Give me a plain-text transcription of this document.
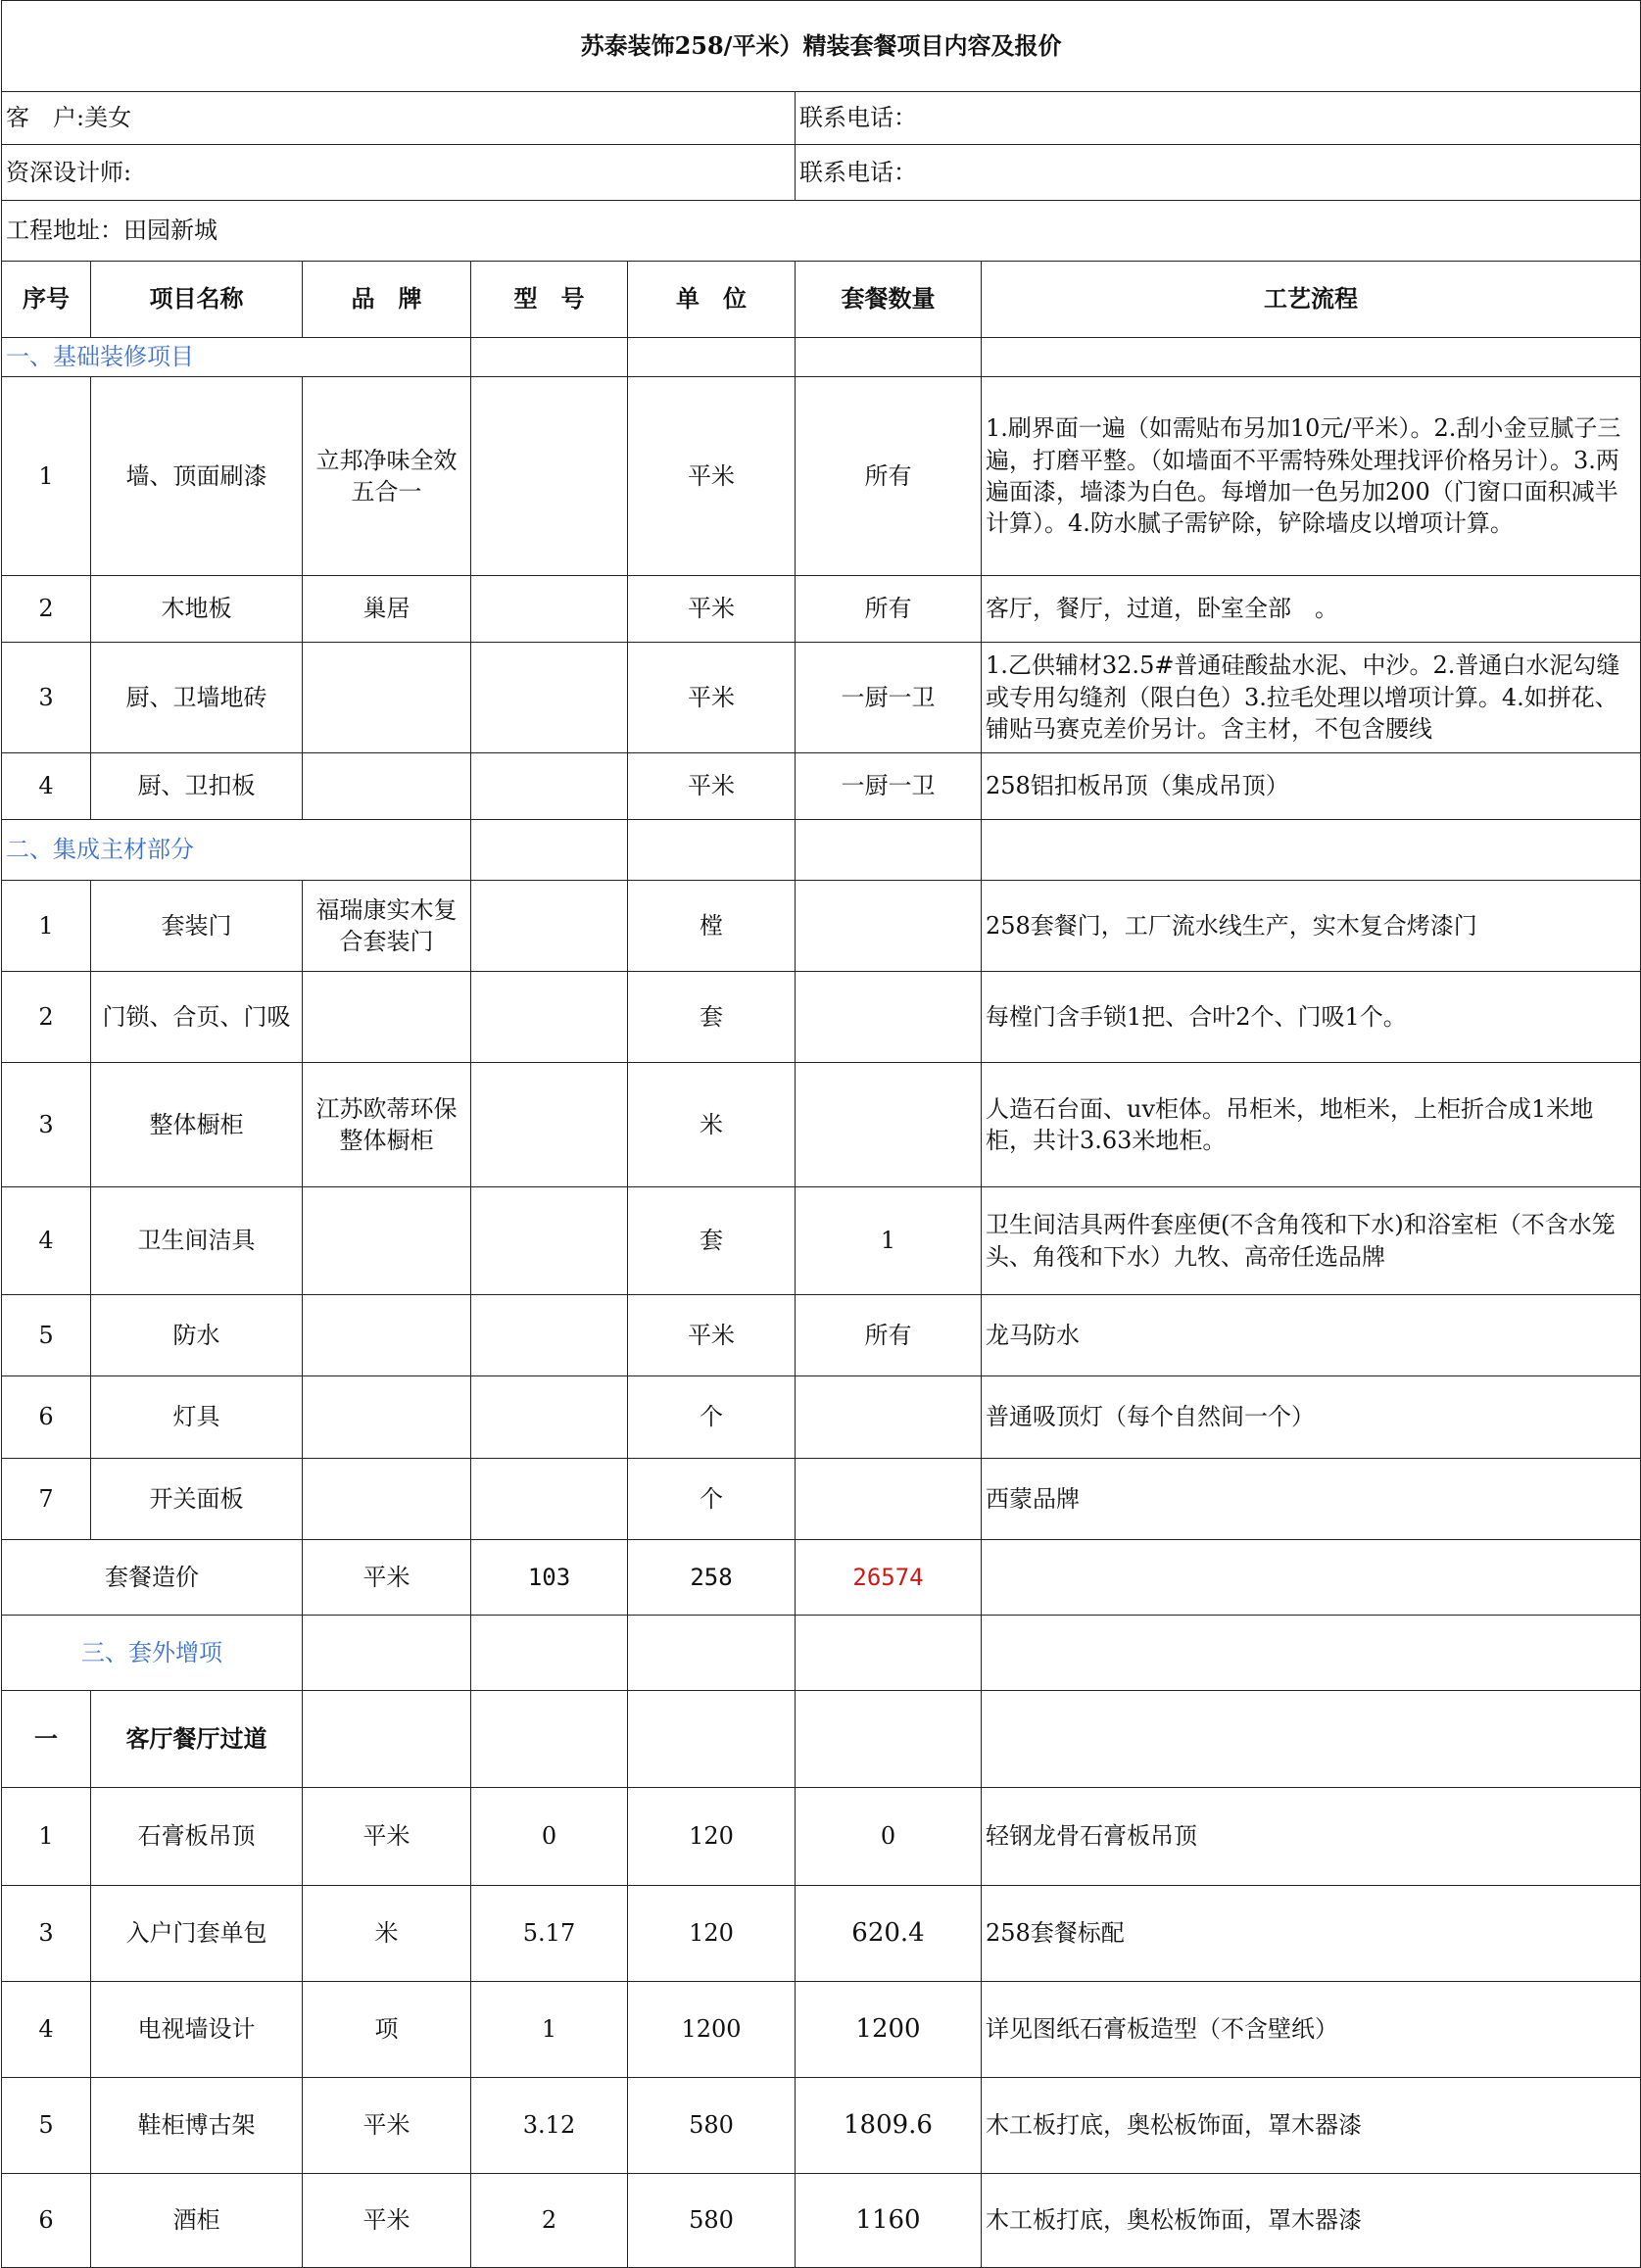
苏泰装饰258/平米）精装套餐项目内容及报价						
客　户:美女					联系电话：	
资深设计师:					联系电话：	
工程地址：田园新城						
序号	项目名称	品　牌	型　号	单　位	套餐数量	工艺流程
一、基础装修项目						
1	墙、顶面刷漆	立邦净味全效五合一		平米	所有	1.刷界面一遍（如需贴布另加10元/平米）。2.刮小金豆腻子三遍，打磨平整。（如墙面不平需特殊处理找评价格另计）。3.两遍面漆，墙漆为白色。每增加一色另加200（门窗口面积减半计算）。4.防水腻子需铲除，铲除墙皮以增项计算。
2	木地板	巢居		平米	所有	客厅，餐厅，过道，卧室全部　。
3	厨、卫墙地砖			平米	一厨一卫	1.乙供辅材32.5#普通硅酸盐水泥、中沙。2.普通白水泥勾缝或专用勾缝剂（限白色）3.拉毛处理以增项计算。4.如拼花、铺贴马赛克差价另计。含主材，不包含腰线
4	厨、卫扣板			平米	一厨一卫	258铝扣板吊顶（集成吊顶）
二、集成主材部分						
1	套装门	福瑞康实木复合套装门		樘		258套餐门，工厂流水线生产，实木复合烤漆门
2	门锁、合页、门吸			套		每樘门含手锁1把、合叶2个、门吸1个。
3	整体橱柜	江苏欧蒂环保整体橱柜		米		人造石台面、uv柜体。吊柜米，地柜米，上柜折合成1米地柜，共计3.63米地柜。
4	卫生间洁具			套	1	卫生间洁具两件套座便(不含角筏和下水)和浴室柜（不含水笼头、角筏和下水）九牧、高帝任选品牌
5	防水			平米	所有	龙马防水
6	灯具			个		普通吸顶灯（每个自然间一个）
7	开关面板			个		西蒙品牌
套餐造价		平米	103	258	26574	
三、套外增项						
一	客厅餐厅过道					
1	石膏板吊顶	平米	0	120	0	轻钢龙骨石膏板吊顶
3	入户门套单包	米	5.17	120	620.4	258套餐标配
4	电视墙设计	项	1	1200	1200	详见图纸石膏板造型（不含壁纸）
5	鞋柜博古架	平米	3.12	580	1809.6	木工板打底，奥松板饰面，罩木器漆
6	酒柜	平米	2	580	1160	木工板打底，奥松板饰面，罩木器漆
